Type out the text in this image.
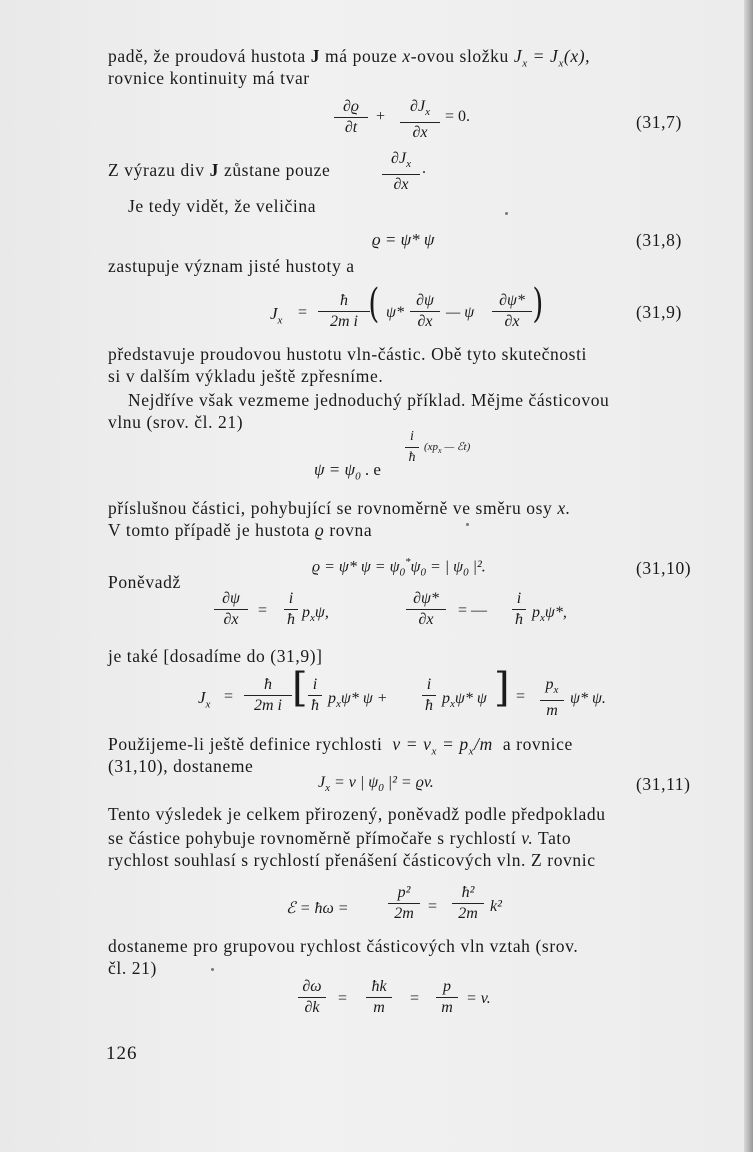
padě, že proudová hustota J má pouze x-ovou složku $J_x = J_x(x)$,
rovnice kontinuity má tvar
∂ϱ
∂t
+
$\partial J_x$
∂x
= 0.	(31,7)
Z výrazu div J zůstane pouze
$\partial J_x$
∂x
.
Je tedy vidět, že veličina
ϱ = ψ* ψ	(31,8)
zastupuje význam jisté hustoty a
$J_x$ =
ħ
2m i ( ψ*
∂ψ
∂x
— ψ
∂ψ*
∂x )	(31,9)
představuje proudovou hustotu vln-částic. Obě tyto skutečnosti
si v dalším výkladu ještě zpřesníme.
Nejdříve však vezmeme jednoduchý příklad. Mějme částicovou
vlnu (srov. čl. 21)
i
ħ
($xp_x$ — ℰt)
$\psi = \psi_0$ . e
příslušnou částici, pohybující se rovnoměrně ve směru osy x.
V tomto případě je hustota ϱ rovna
ϱ = ψ* $\psi = \psi_0^*\psi_0$ = | $\psi_0$ |².	(31,10)
Poněvadž
∂ψ
∂x
=
i
ħ $p_x\psi$,
∂ψ*
∂x
= —
i
ħ $p_x\psi*$,
je také [dosadíme do (31,9)]
$J_x$ =
ħ
2m i [ i
ħ $p_x\psi*$ ψ +
i
ħ $p_x\psi*$ ψ ] =
$p_x$
m
ψ* ψ.
Použijeme-li ještě definice rychlosti $v = v_x = p_x/m$ a rovnice
(31,10), dostaneme
$J_x = v$ | $\psi_0$ |² = ϱv.	(31,11)
Tento výsledek je celkem přirozený, poněvadž podle předpokladu
se částice pohybuje rovnoměrně přímočaře s rychlostí v. Tato
rychlost souhlasí s rychlostí přenášení částicových vln. Z rovnic
ℰ = ħω =
p²
2m =
ħ²
2m k²
dostaneme pro grupovou rychlost částicových vln vztah (srov.
čl. 21)
∂ω
∂k
=
ħk
m
=
p
m
= v.
126
